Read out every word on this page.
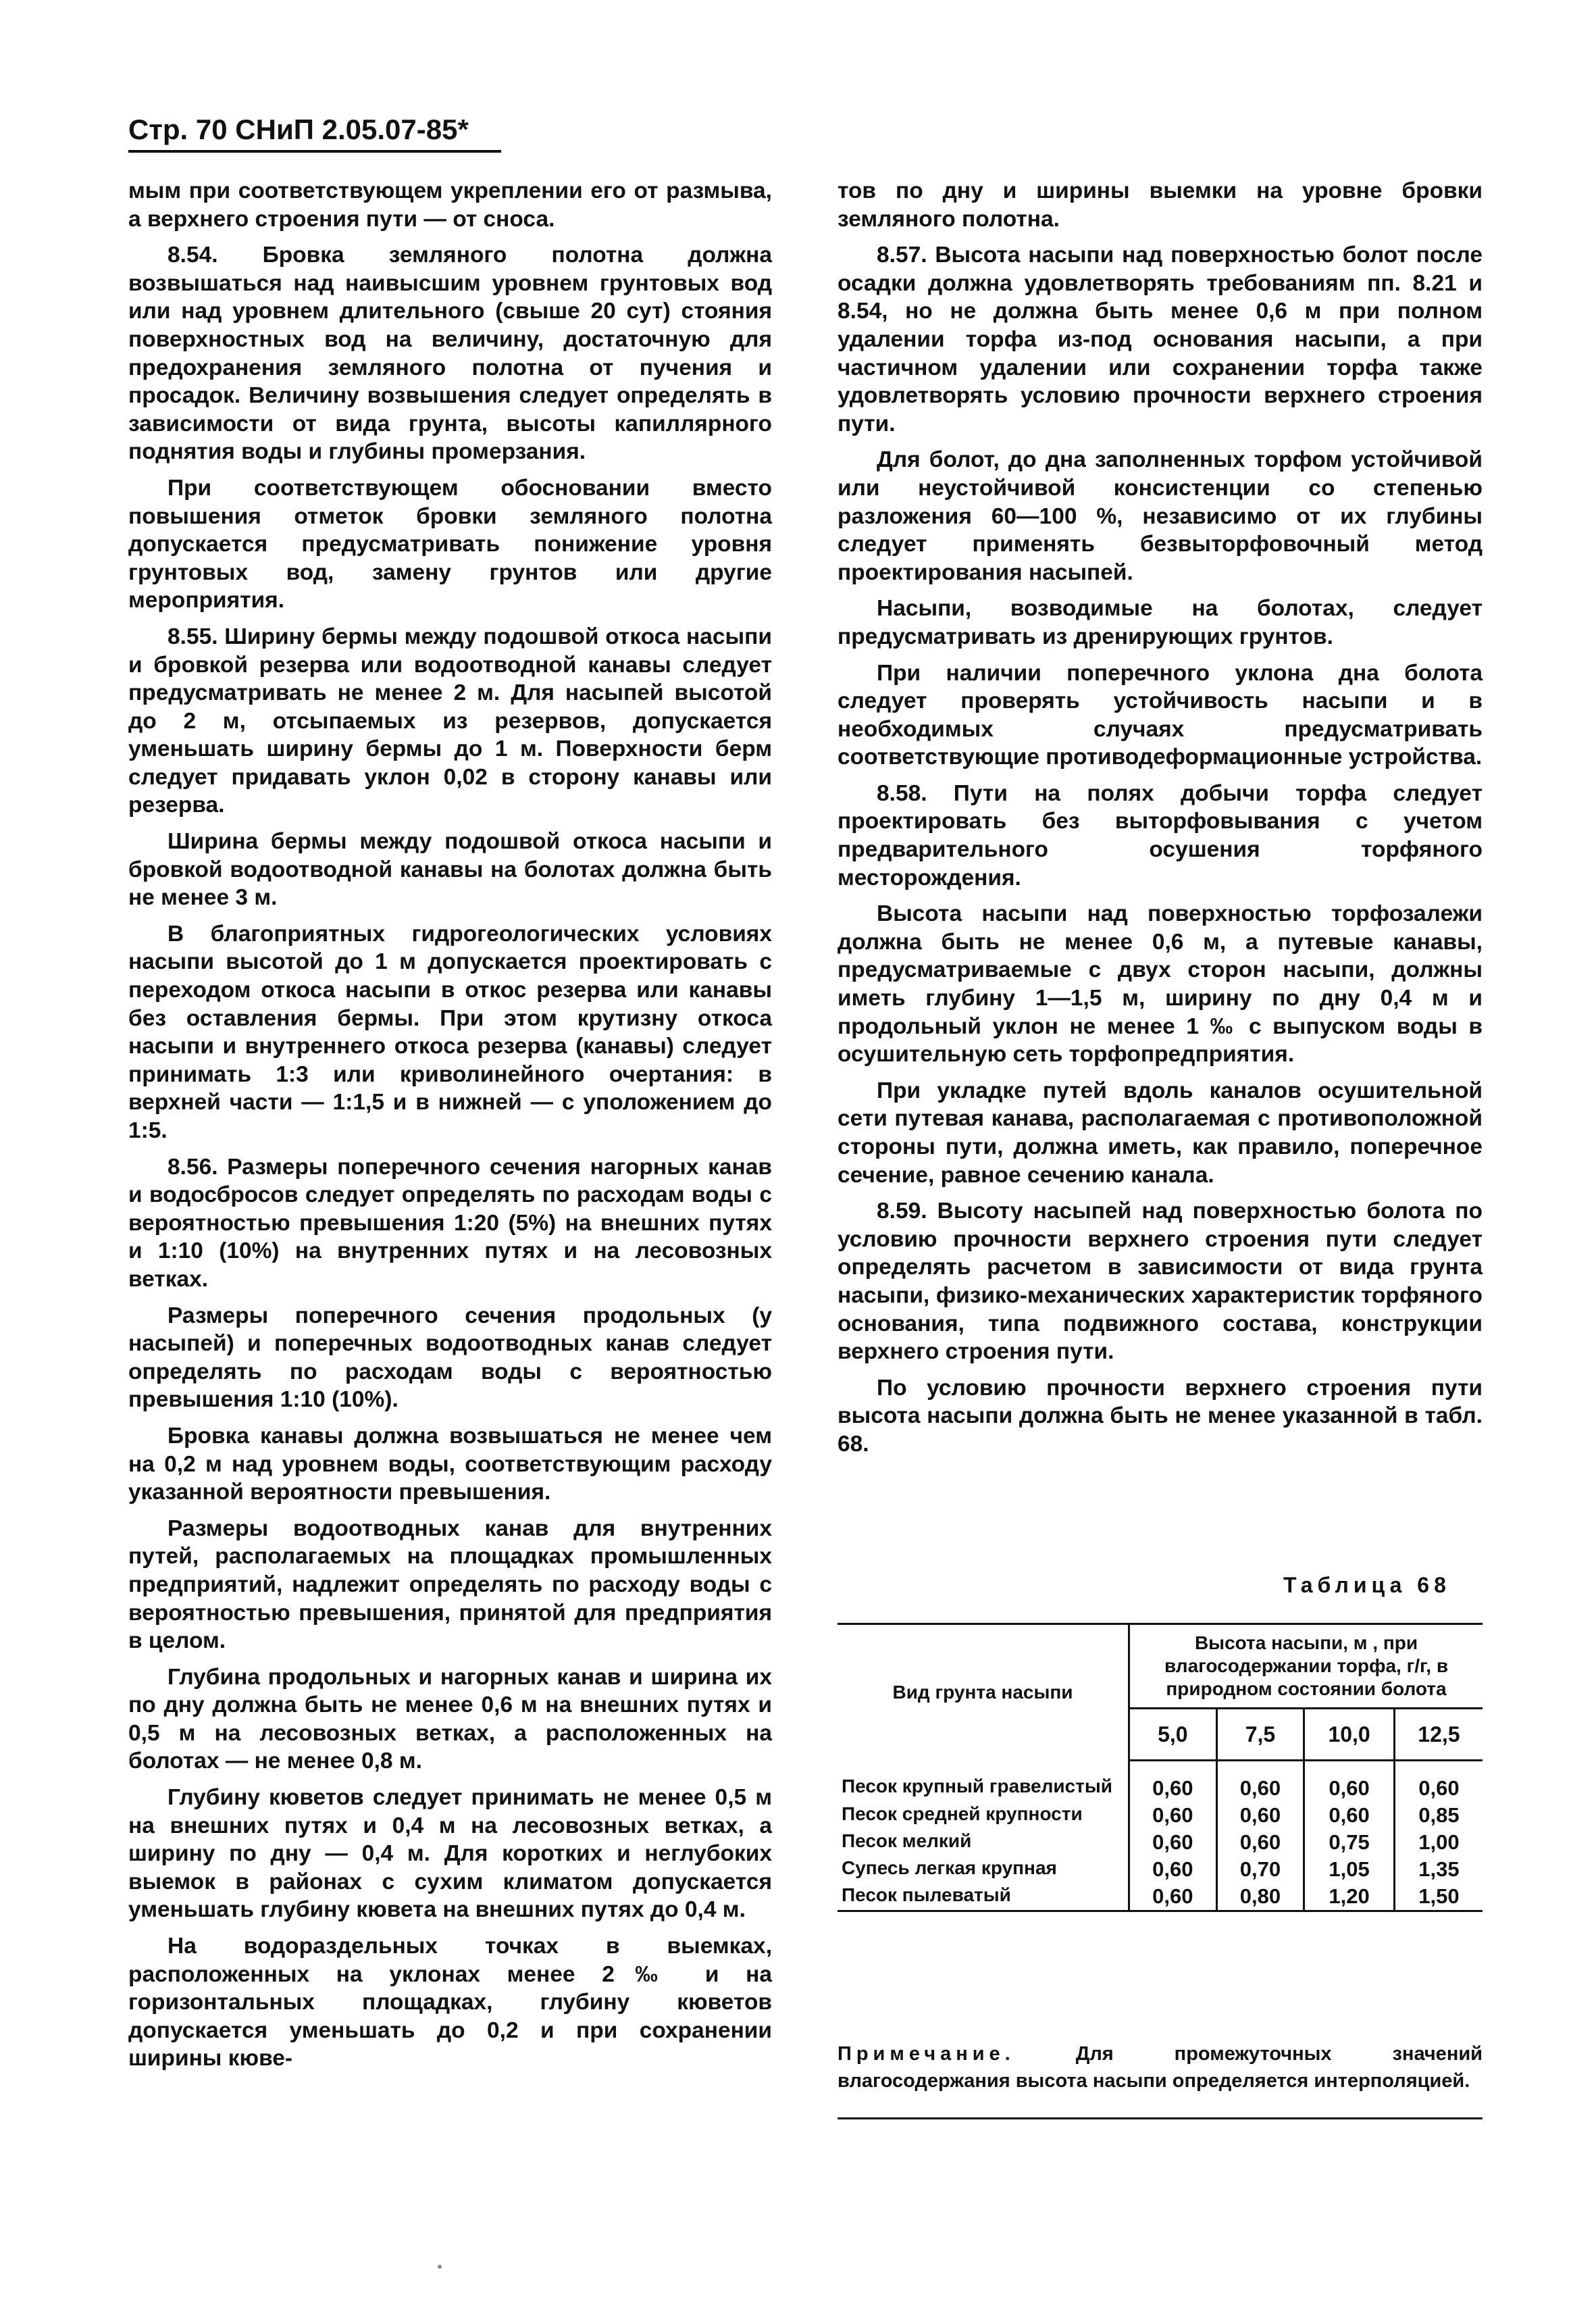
Стр. 70 СНиП 2.05.07-85*

мым при соответствующем укреплении его от размыва, а верхнего строения пути — от сноса.

8.54. Бровка земляного полотна должна возвышаться над наивысшим уровнем грунтовых вод или над уровнем длительного (свыше 20 сут) стояния поверхностных вод на величину, достаточную для предохранения земляного полотна от пучения и просадок. Величину возвышения следует определять в зависимости от вида грунта, высоты капиллярного поднятия воды и глубины промерзания.

При соответствующем обосновании вместо повышения отметок бровки земляного полотна допускается предусматривать понижение уровня грунтовых вод, замену грунтов или другие мероприятия.

8.55. Ширину бермы между подошвой откоса насыпи и бровкой резерва или водоотводной канавы следует предусматривать не менее 2 м. Для насыпей высотой до 2 м, отсыпаемых из резервов, допускается уменьшать ширину бермы до 1 м. Поверхности берм следует придавать уклон 0,02 в сторону канавы или резерва.

Ширина бермы между подошвой откоса насыпи и бровкой водоотводной канавы на болотах должна быть не менее 3 м.

В благоприятных гидрогеологических условиях насыпи высотой до 1 м допускается проектировать с переходом откоса насыпи в откос резерва или канавы без оставления бермы. При этом крутизну откоса насыпи и внутреннего откоса резерва (канавы) следует принимать 1:3 или криволинейного очертания: в верхней части — 1:1,5 и в нижней — с уположением до 1:5.

8.56. Размеры поперечного сечения нагорных канав и водосбросов следует определять по расходам воды с вероятностью превышения 1:20 (5%) на внешних путях и 1:10 (10%) на внутренних путях и на лесовозных ветках.

Размеры поперечного сечения продольных (у насыпей) и поперечных водоотводных канав следует определять по расходам воды с вероятностью превышения 1:10 (10%).

Бровка канавы должна возвышаться не менее чем на 0,2 м над уровнем воды, соответствующим расходу указанной вероятности превышения.

Размеры водоотводных канав для внутренних путей, располагаемых на площадках промышленных предприятий, надлежит определять по расходу воды с вероятностью превышения, принятой для предприятия в целом.

Глубина продольных и нагорных канав и ширина их по дну должна быть не менее 0,6 м на внешних путях и 0,5 м на лесовозных ветках, а расположенных на болотах — не менее 0,8 м.

Глубину кюветов следует принимать не менее 0,5 м на внешних путях и 0,4 м на лесовозных ветках, а ширину по дну — 0,4 м. Для коротких и неглубоких выемок в районах с сухим климатом допускается уменьшать глубину кювета на внешних путях до 0,4 м.

На водораздельных точках в выемках, расположенных на уклонах менее 2‰ и на горизонтальных площадках, глубину кюветов допускается уменьшать до 0,2 и при сохранении ширины кюве-

тов по дну и ширины выемки на уровне бровки земляного полотна.

8.57. Высота насыпи над поверхностью болот после осадки должна удовлетворять требованиям пп. 8.21 и 8.54, но не должна быть менее 0,6 м при полном удалении торфа из-под основания насыпи, а при частичном удалении или сохранении торфа также удовлетворять условию прочности верхнего строения пути.

Для болот, до дна заполненных торфом устойчивой или неустойчивой консистенции со степенью разложения 60—100 %, независимо от их глубины следует применять безвыторфовочный метод проектирования насыпей.

Насыпи, возводимые на болотах, следует предусматривать из дренирующих грунтов.

При наличии поперечного уклона дна болота следует проверять устойчивость насыпи и в необходимых случаях предусматривать соответствующие противодеформационные устройства.

8.58. Пути на полях добычи торфа следует проектировать без выторфовывания с учетом предварительного осушения торфяного месторождения.

Высота насыпи над поверхностью торфозалежи должна быть не менее 0,6 м, а путевые канавы, предусматриваемые с двух сторон насыпи, должны иметь глубину 1—1,5 м, ширину по дну 0,4 м и продольный уклон не менее 1 ‰ с выпуском воды в осушительную сеть торфопредприятия.

При укладке путей вдоль каналов осушительной сети путевая канава, располагаемая с противоположной стороны пути, должна иметь, как правило, поперечное сечение, равное сечению канала.

8.59. Высоту насыпей над поверхностью болота по условию прочности верхнего строения пути следует определять расчетом в зависимости от вида грунта насыпи, физико-механических характеристик торфяного основания, типа подвижного состава, конструкции верхнего строения пути.

По условию прочности верхнего строения пути высота насыпи должна быть не менее указанной в табл. 68.

Таблица 68
Вид грунта насыпи	Высота насыпи, м , при влагосодержании торфа, г/г, в природном состоянии болота			
	5,0	7,5	10,0	12,5
Песок крупный гравелистый	0,60	0,60	0,60	0,60
Песок средней крупности	0,60	0,60	0,60	0,85
Песок мелкий	0,60	0,60	0,75	1,00
Супесь легкая крупная	0,60	0,70	1,05	1,35
Песок пылеватый	0,60	0,80	1,20	1,50
Примечание.	Для промежуточных значений влагосодержания высота насыпи определяется интерполяцией.
